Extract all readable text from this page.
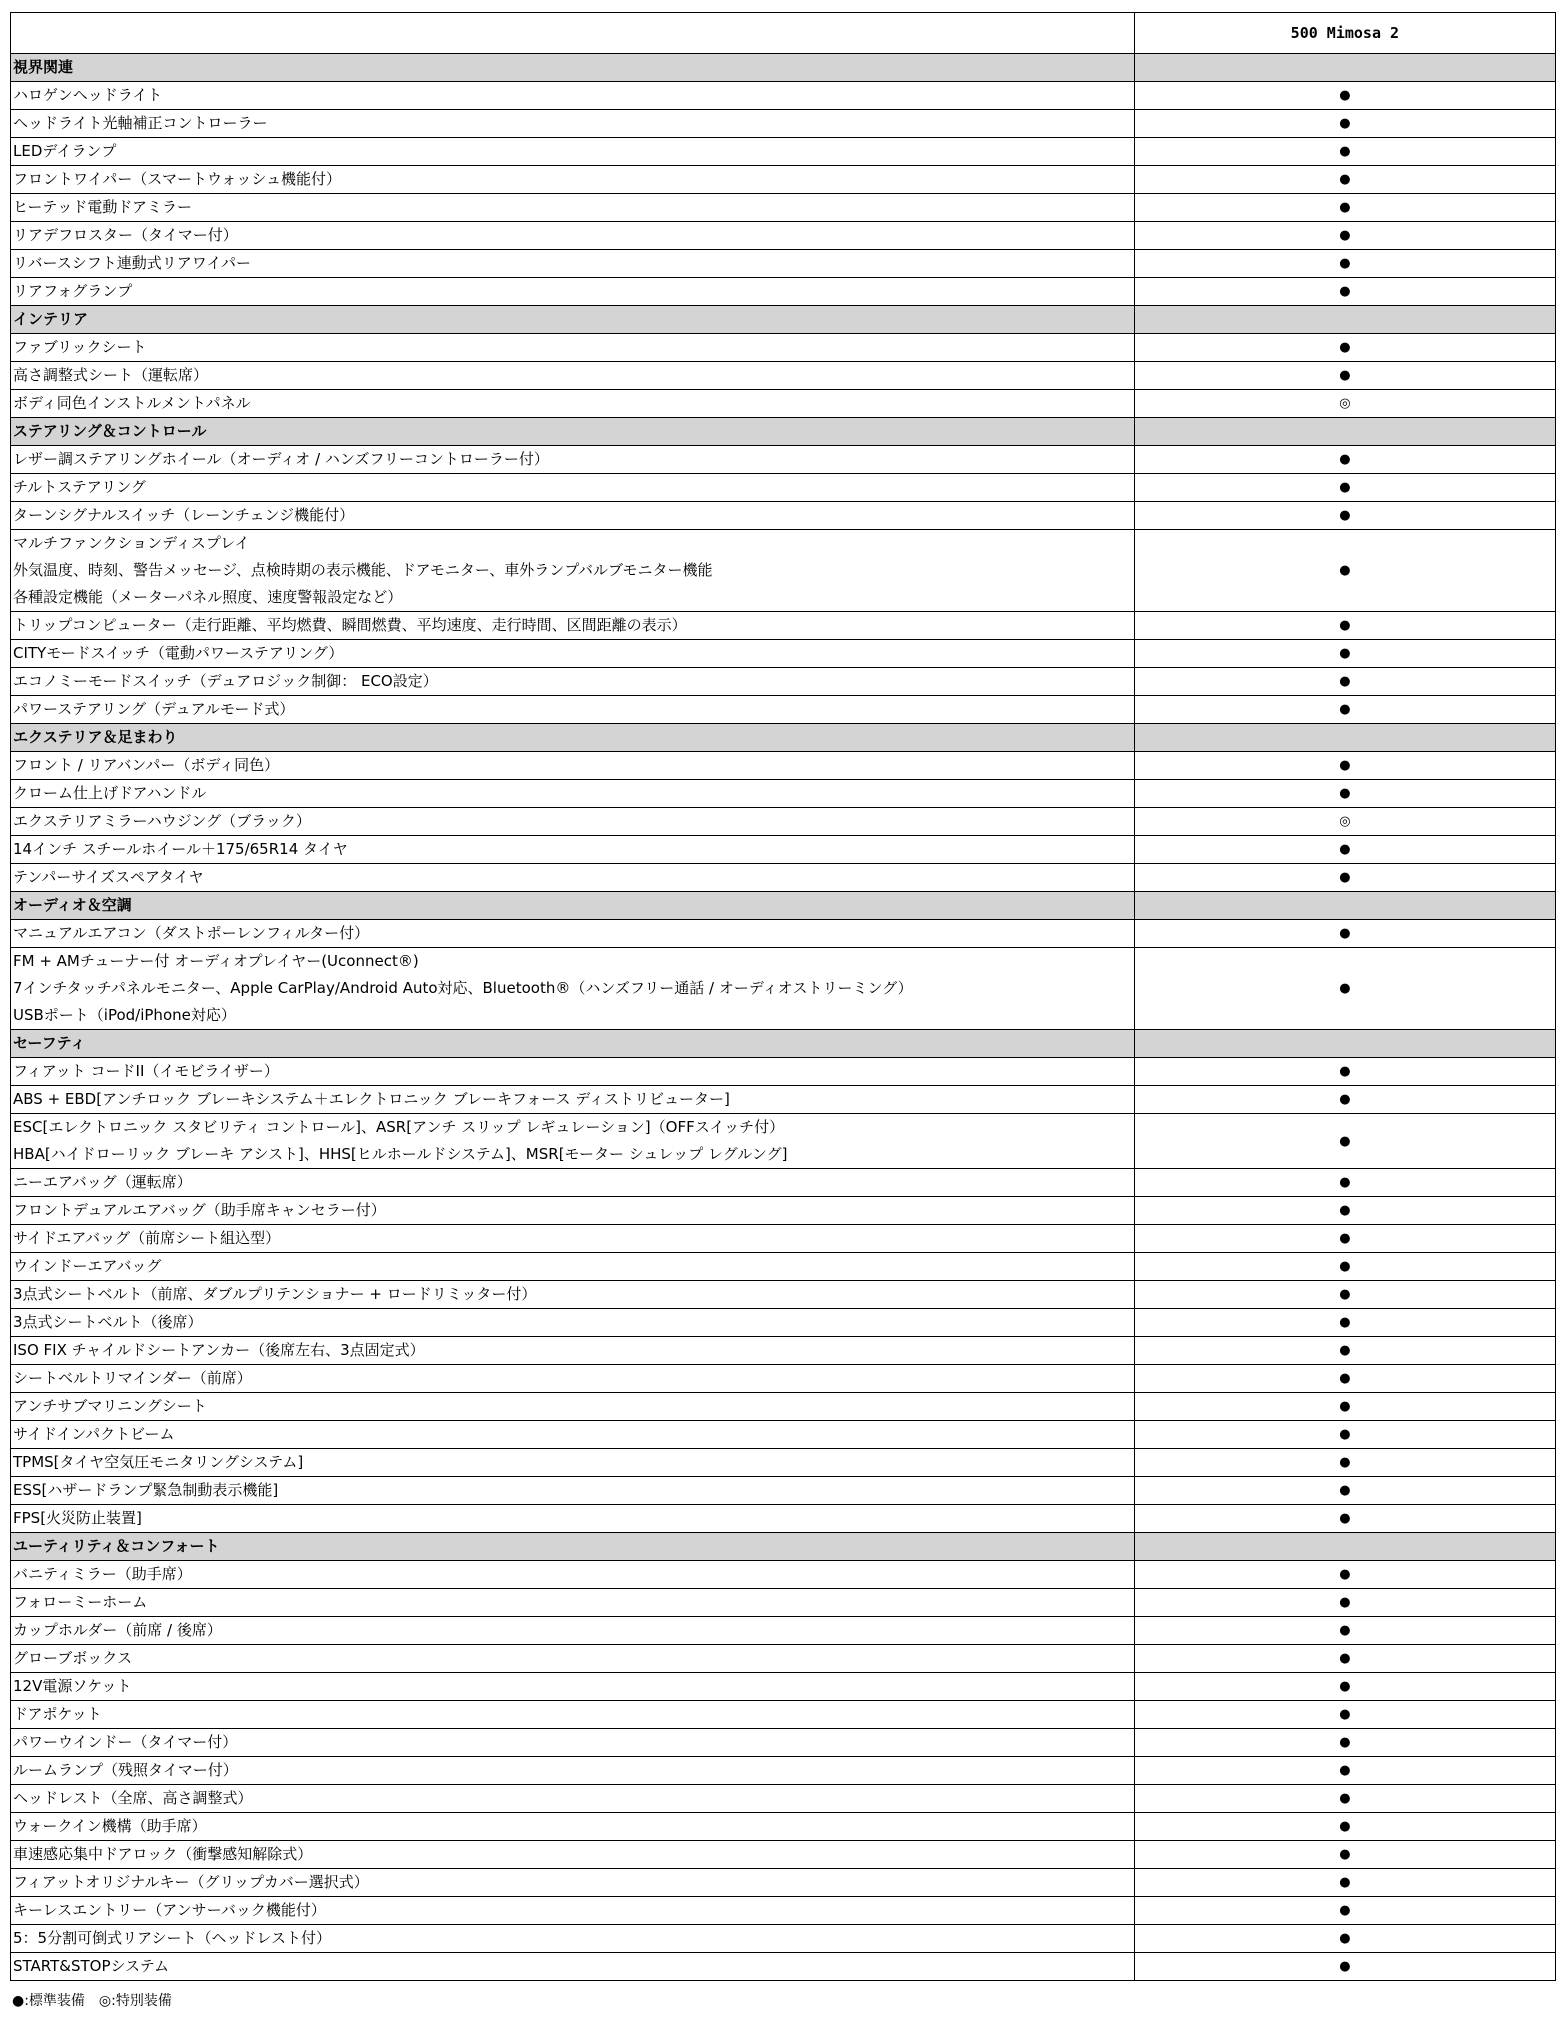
	500 Mimosa 2
視界関連	

ハロゲンヘッドライト	●

ヘッドライト光軸補正コントローラー	●

LEDデイランプ	●

フロントワイパー（スマートウォッシュ機能付）	●

ヒーテッド電動ドアミラー	●

リアデフロスター（タイマー付）	●

リバースシフト連動式リアワイパー	●

リアフォグランプ	●
インテリア	

ファブリックシート	●

高さ調整式シート（運転席）	●

ボディ同色インストルメントパネル	◎
ステアリング＆コントロール	

レザー調ステアリングホイール（オーディオ / ハンズフリーコントローラー付）	●

チルトステアリング	●

ターンシグナルスイッチ（レーンチェンジ機能付）	●

マルチファンクションディスプレイ
外気温度、時刻、警告メッセージ、点検時期の表示機能、ドアモニター、車外ランプバルブモニター機能
各種設定機能（メーターパネル照度、速度警報設定など）	●

トリップコンピューター（走行距離、平均燃費、瞬間燃費、平均速度、走行時間、区間距離の表示）	●

CITYモードスイッチ（電動パワーステアリング）	●

エコノミーモードスイッチ（デュアロジック制御： ECO設定）	●

パワーステアリング（デュアルモード式）	●
エクステリア＆足まわり	

フロント / リアバンパー（ボディ同色）	●

クローム仕上げドアハンドル	●

エクステリアミラーハウジング（ブラック）	◎

14インチ スチールホイール＋175/65R14 タイヤ	●

テンパーサイズスペアタイヤ	●
オーディオ＆空調	

マニュアルエアコン（ダストポーレンフィルター付）	●

FM + AMチューナー付 オーディオプレイヤー(Uconnect®)
7インチタッチパネルモニター、Apple CarPlay/Android Auto対応、Bluetooth®（ハンズフリー通話 / オーディオストリーミング）
USBポート（iPod/iPhone対応）	●
セーフティ	

フィアット コードII（イモビライザー）	●

ABS + EBD[アンチロック ブレーキシステム＋エレクトロニック ブレーキフォース ディストリビューター]	●

ESC[エレクトロニック スタビリティ コントロール]、ASR[アンチ スリップ レギュレーション]（OFFスイッチ付）
HBA[ハイドローリック ブレーキ アシスト]、HHS[ヒルホールドシステム]、MSR[モーター シュレップ レグルング]	●

ニーエアバッグ（運転席）	●

フロントデュアルエアバッグ（助手席キャンセラー付）	●

サイドエアバッグ（前席シート組込型）	●

ウインドーエアバッグ	●

3点式シートベルト（前席、ダブルプリテンショナー + ロードリミッター付）	●

3点式シートベルト（後席）	●

ISO FIX チャイルドシートアンカー（後席左右、3点固定式）	●

シートベルトリマインダー（前席）	●

アンチサブマリニングシート	●

サイドインパクトビーム	●

TPMS[タイヤ空気圧モニタリングシステム]	●

ESS[ハザードランプ緊急制動表示機能]	●

FPS[火災防止装置]	●
ユーティリティ＆コンフォート	

バニティミラー（助手席）	●

フォローミーホーム	●

カップホルダー（前席 / 後席）	●

グローブボックス	●

12V電源ソケット	●

ドアポケット	●

パワーウインドー（タイマー付）	●

ルームランプ（残照タイマー付）	●

ヘッドレスト（全席、高さ調整式）	●

ウォークイン機構（助手席）	●

車速感応集中ドアロック（衝撃感知解除式）	●

フィアットオリジナルキー（グリップカバー選択式）	●

キーレスエントリー（アンサーバック機能付）	●

5：5分割可倒式リアシート（ヘッドレスト付）	●

START&STOPシステム	●
●:標準装備　◎:特別装備
